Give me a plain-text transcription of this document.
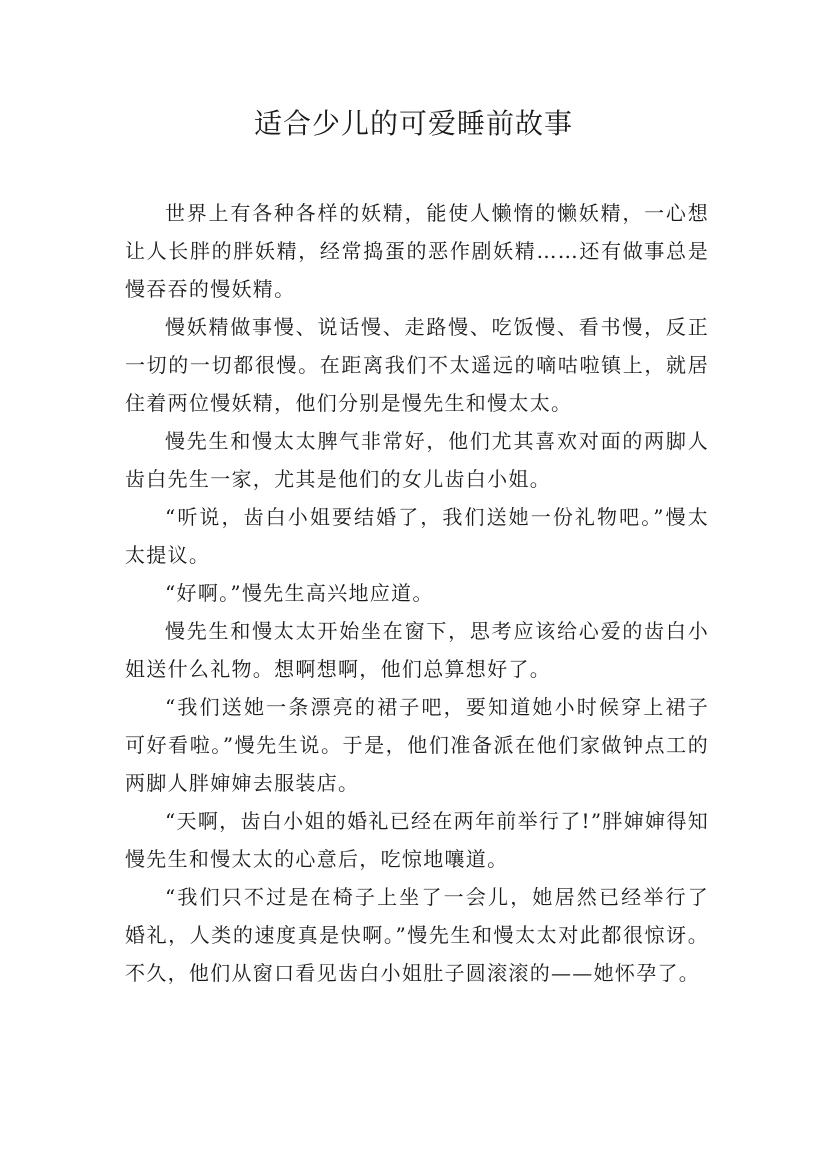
适合少儿的可爱睡前故事

世界上有各种各样的妖精，能使人懒惰的懒妖精，一心想让人长胖的胖妖精，经常捣蛋的恶作剧妖精……还有做事总是慢吞吞的慢妖精。

慢妖精做事慢、说话慢、走路慢、吃饭慢、看书慢，反正一切的一切都很慢。在距离我们不太遥远的嘀咕啦镇上，就居住着两位慢妖精，他们分别是慢先生和慢太太。

慢先生和慢太太脾气非常好，他们尤其喜欢对面的两脚人齿白先生一家，尤其是他们的女儿齿白小姐。

“听说，齿白小姐要结婚了，我们送她一份礼物吧。”慢太太提议。

“好啊。”慢先生高兴地应道。

慢先生和慢太太开始坐在窗下，思考应该给心爱的齿白小姐送什么礼物。想啊想啊，他们总算想好了。

“我们送她一条漂亮的裙子吧，要知道她小时候穿上裙子可好看啦。”慢先生说。于是，他们准备派在他们家做钟点工的两脚人胖婶婶去服装店。

“天啊，齿白小姐的婚礼已经在两年前举行了!”胖婶婶得知慢先生和慢太太的心意后，吃惊地嚷道。

“我们只不过是在椅子上坐了一会儿，她居然已经举行了婚礼，人类的速度真是快啊。”慢先生和慢太太对此都很惊讶。不久，他们从窗口看见齿白小姐肚子圆滚滚的——她怀孕了。
